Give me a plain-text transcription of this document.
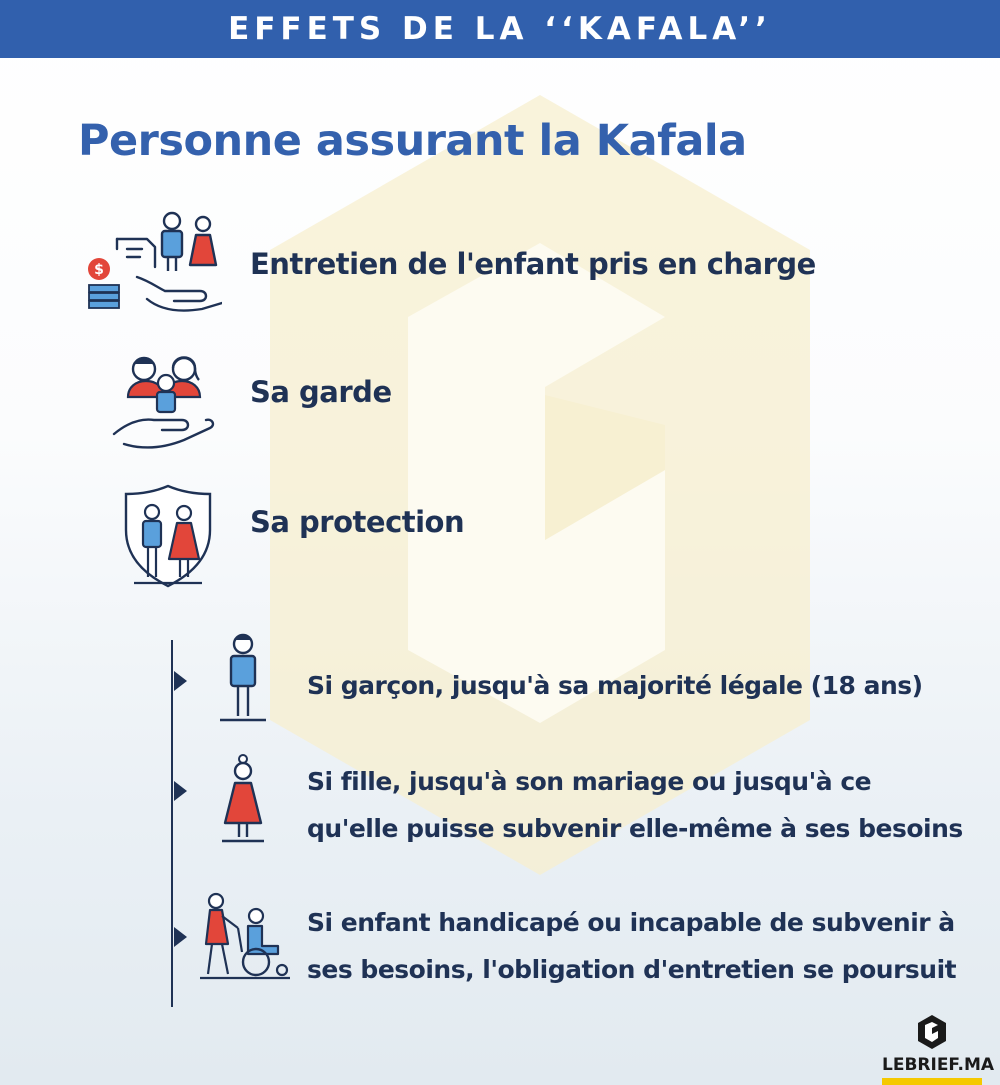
EFFETS DE LA ‘‘KAFALA’’
Personne assurant la Kafala
$	Entretien de l'enfant pris en charge
Sa garde
Sa protection
Si garçon, jusqu'à sa majorité légale (18 ans)
Si fille, jusqu'à son mariage ou jusqu'à ce
qu'elle puisse subvenir elle-même à ses besoins
Si enfant handicapé ou incapable de subvenir à
ses besoins, l'obligation d'entretien se poursuit
LEBRIEF.MA
